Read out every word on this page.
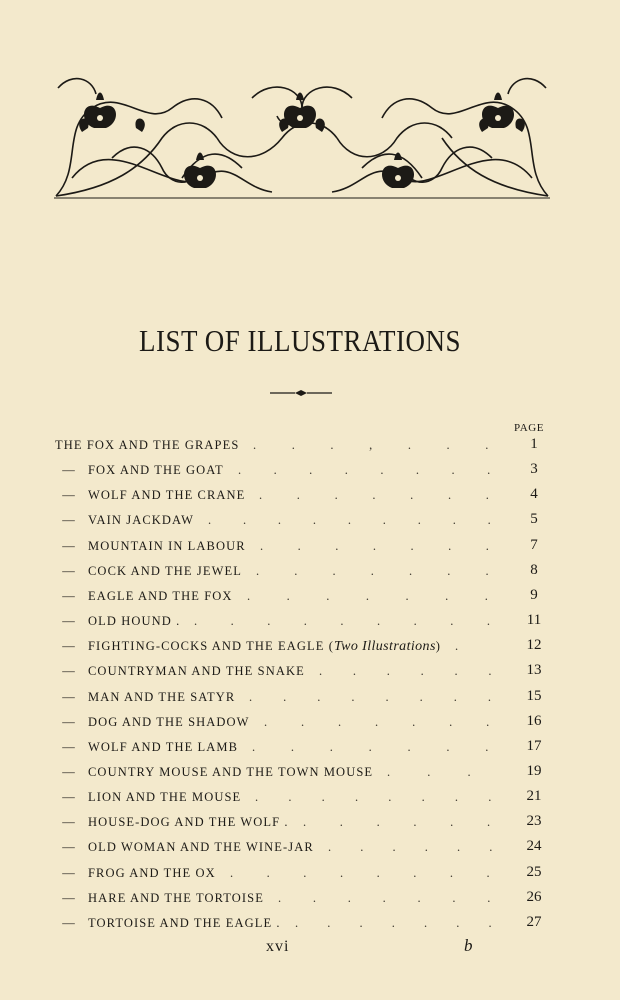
LIST OF ILLUSTRATIONS
PAGE
THE FOX AND THE GRAPES . . . , . . .	1
— FOX AND THE GOAT . . . . . . . .	3
— WOLF AND THE CRANE . . . . . . .	4
— VAIN JACKDAW . . . . . . . . .	5
— MOUNTAIN IN LABOUR . . . . . . .	7
— COCK AND THE JEWEL . . . . . . .	8
— EAGLE AND THE FOX . . . . . . .	9
— OLD HOUND . . . . . . . . . .	11
— FIGHTING-COCKS AND THE EAGLE (Two Illustrations) .	12
— COUNTRYMAN AND THE SNAKE . . . . . .	13
— MAN AND THE SATYR . . . . . . . .	15
— DOG AND THE SHADOW . . . . . . .	16
— WOLF AND THE LAMB . . . . . . .	17
— COUNTRY MOUSE AND THE TOWN MOUSE . . .	19
— LION AND THE MOUSE . . . . . . . .	21
— HOUSE-DOG AND THE WOLF . . . . . . .	23
— OLD WOMAN AND THE WINE-JAR . . . . . .	24
— FROG AND THE OX . . . . . . . .	25
— HARE AND THE TORTOISE . . . . . . .	26
— TORTOISE AND THE EAGLE . . . . . . . .	27
xvi	b
